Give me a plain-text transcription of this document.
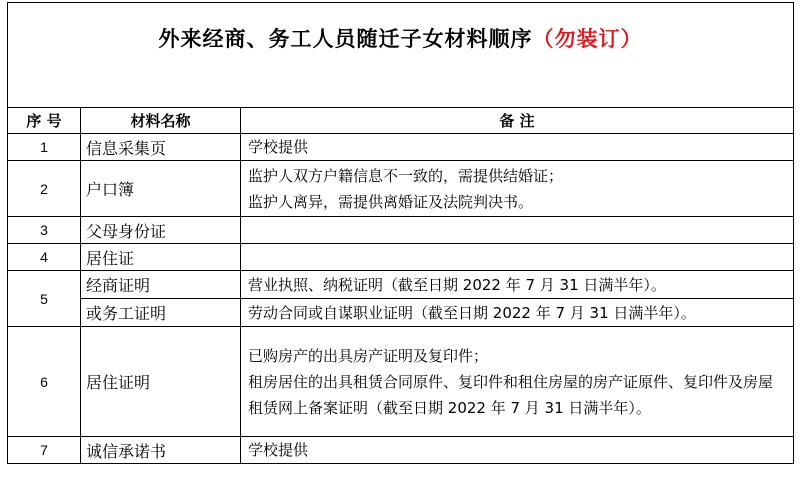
外来经商、务工人员随迁子女材料顺序（勿装订）		
序 号	材料名称	备 注
1	信息采集页	学校提供

2	户口簿	监护人双方户籍信息不一致的，需提供结婚证；
监护人离异，需提供离婚证及法院判决书。

3	父母身份证	
4	居住证	
5	经商证明	营业执照、纳税证明（截至日期 2022 年 7 月 31 日满半年）。

	或务工证明	劳动合同或自谋职业证明（截至日期 2022 年 7 月 31 日满半年）。

6	居住证明	已购房产的出具房产证明及复印件；
租房居住的出具租赁合同原件、复印件和租住房屋的房产证原件、复印件及房屋租赁网上备案证明（截至日期 2022 年 7 月 31 日满半年）。

7	诚信承诺书	学校提供
